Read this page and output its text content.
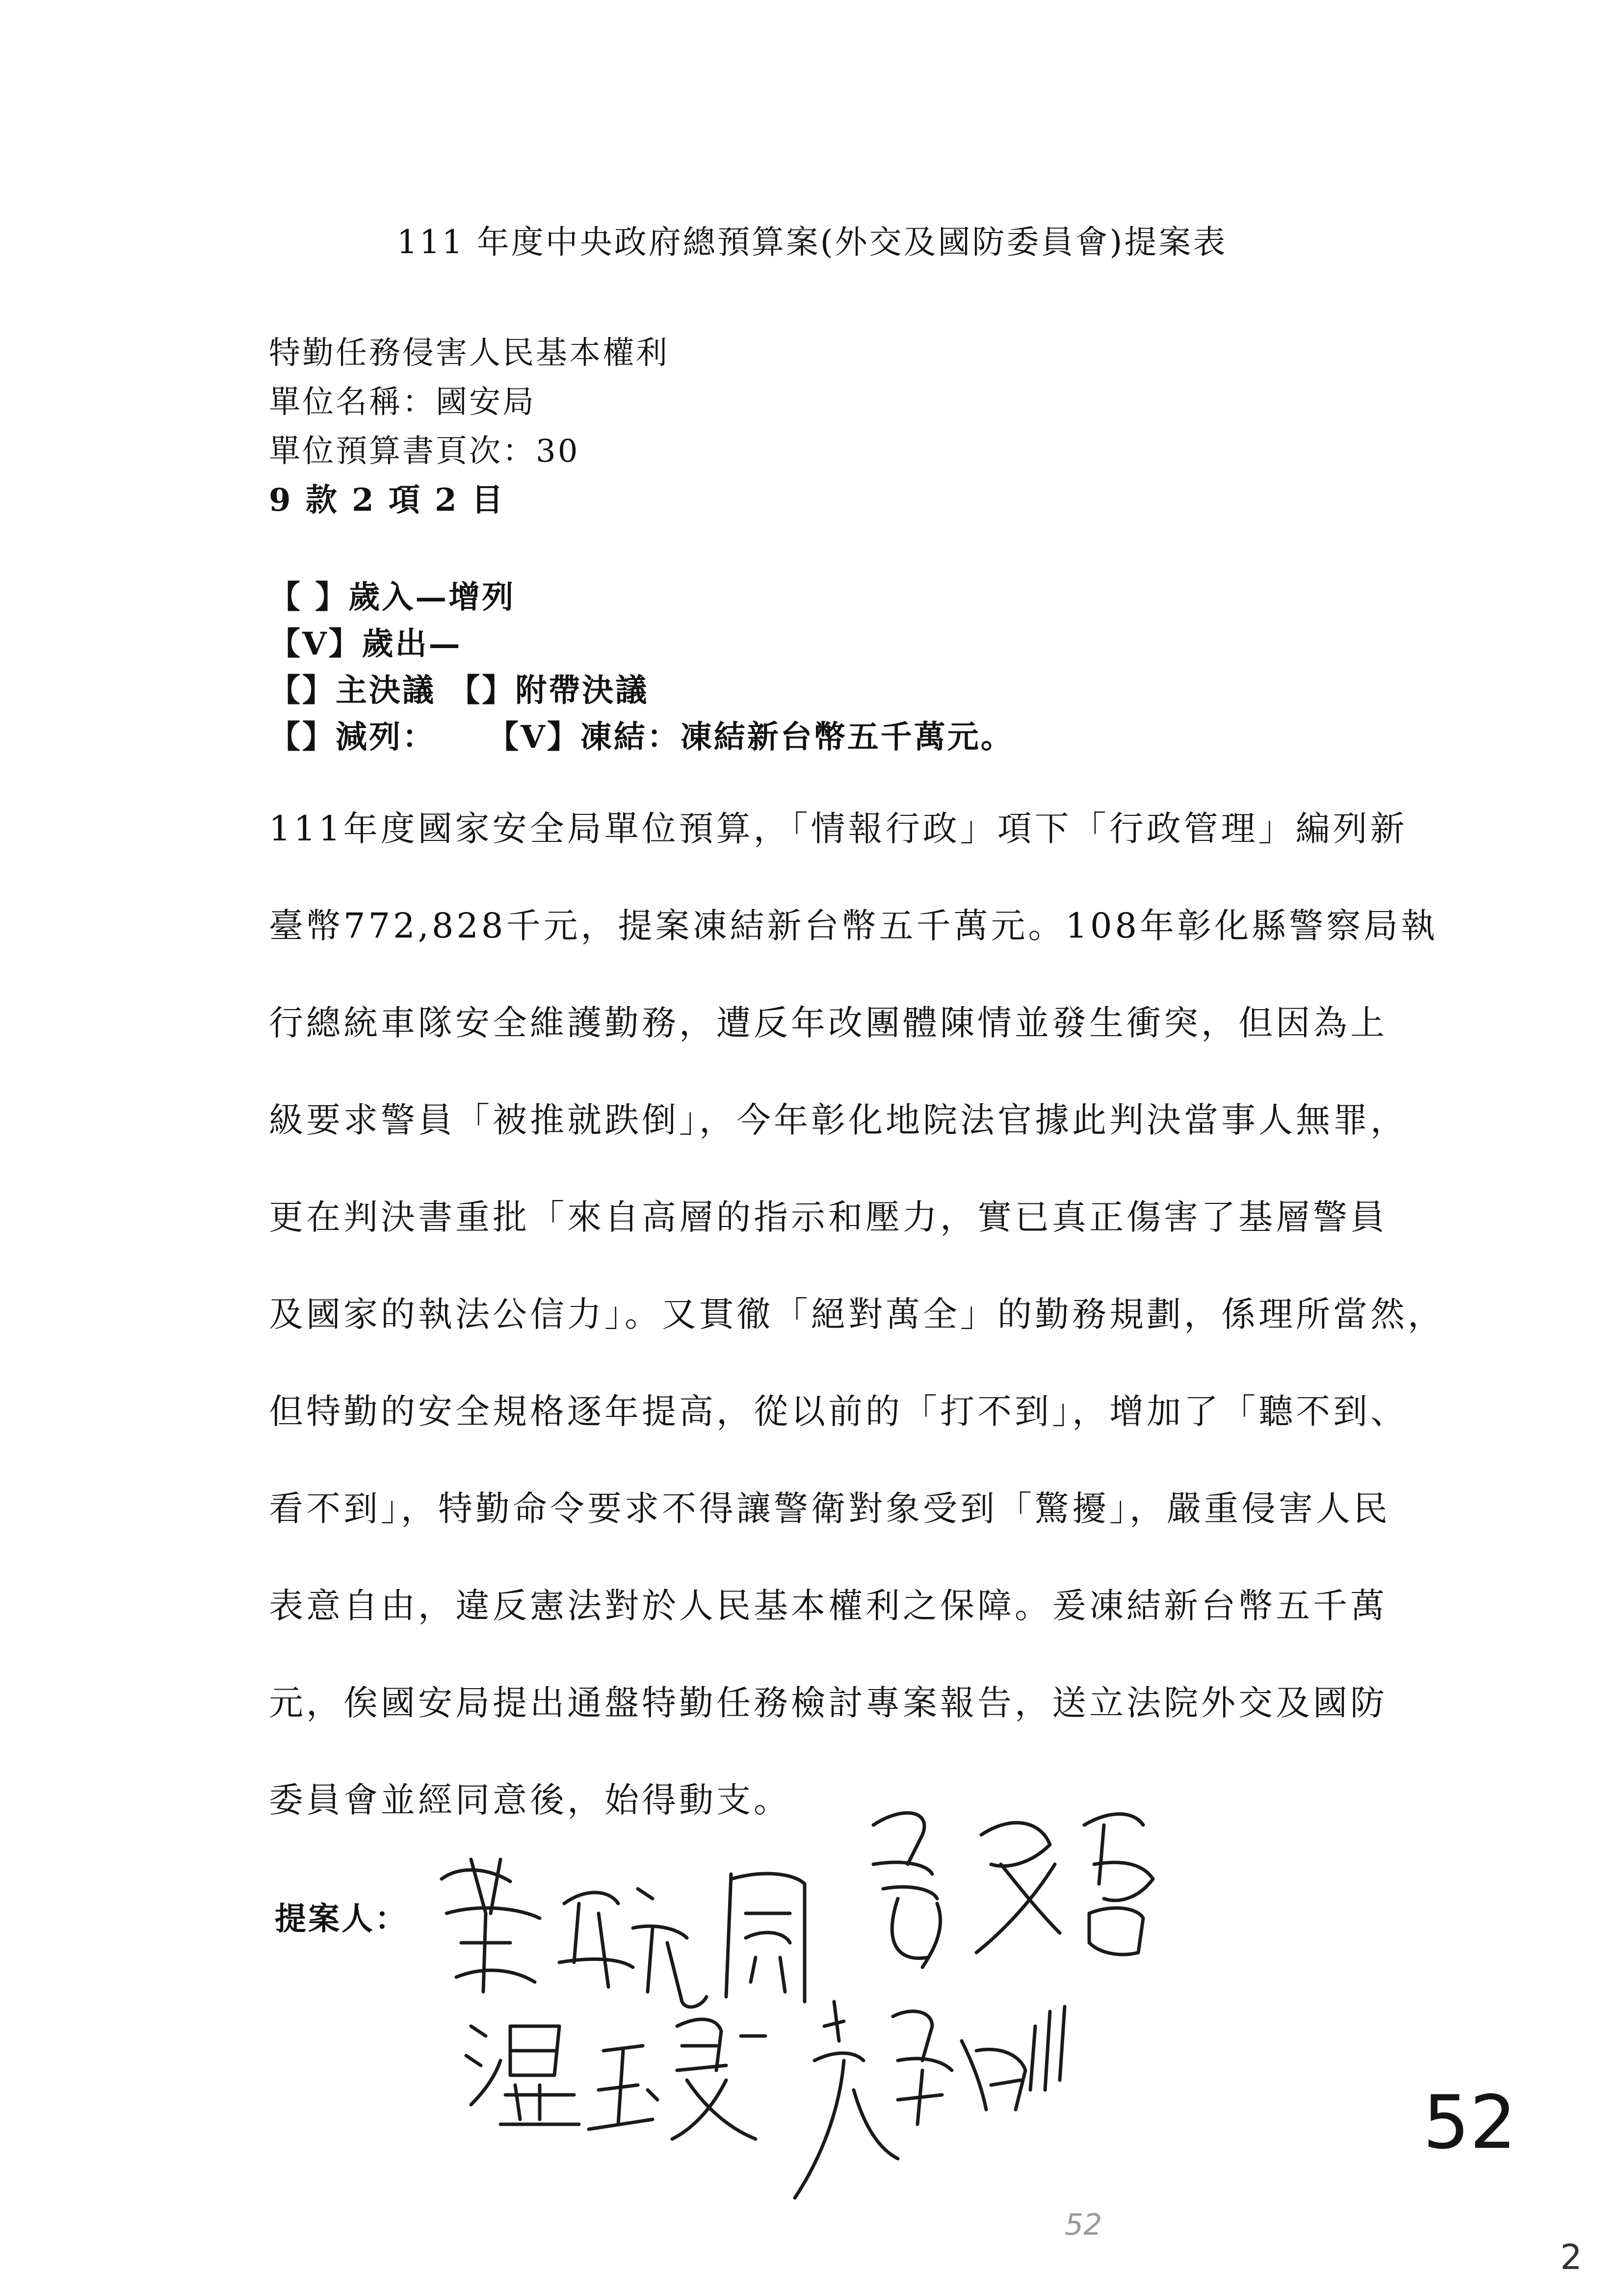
111 年度中央政府總預算案(外交及國防委員會)提案表
特勤任務侵害人民基本權利
單位名稱：國安局
單位預算書頁次：30
9 款 2 項 2 目
【 】歲入—增列
【V】歲出—
【】主決議 【】附帶決議
【】減列：    【V】凍結：凍結新台幣五千萬元。
111年度國家安全局單位預算，「情報行政」項下「行政管理」編列新
臺幣772,828千元，提案凍結新台幣五千萬元。108年彰化縣警察局執
行總統車隊安全維護勤務，遭反年改團體陳情並發生衝突，但因為上
級要求警員「被推就跌倒」，今年彰化地院法官據此判決當事人無罪，
更在判決書重批「來自高層的指示和壓力，實已真正傷害了基層警員
及國家的執法公信力」。又貫徹「絕對萬全」的勤務規劃，係理所當然，
但特勤的安全規格逐年提高，從以前的「打不到」，增加了「聽不到、
看不到」，特勤命令要求不得讓警衛對象受到「驚擾」，嚴重侵害人民
表意自由，違反憲法對於人民基本權利之保障。爰凍結新台幣五千萬
元，俟國安局提出通盤特勤任務檢討專案報告，送立法院外交及國防
委員會並經同意後，始得動支。
提案人：
52
52
2
